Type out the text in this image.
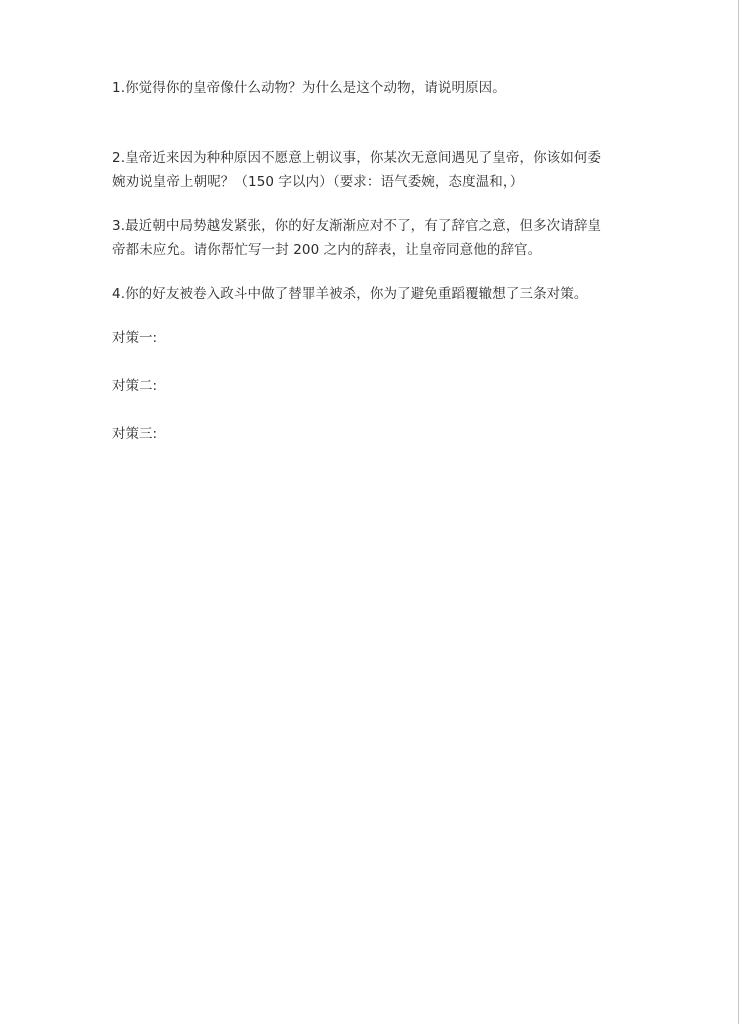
1.你觉得你的皇帝像什么动物？为什么是这个动物，请说明原因。

2.皇帝近来因为种种原因不愿意上朝议事，你某次无意间遇见了皇帝，你该如何委婉劝说皇帝上朝呢？（150 字以内）（要求：语气委婉，态度温和，）

3.最近朝中局势越发紧张，你的好友渐渐应对不了，有了辞官之意，但多次请辞皇帝都未应允。请你帮忙写一封 200 之内的辞表，让皇帝同意他的辞官。

4.你的好友被卷入政斗中做了替罪羊被杀，你为了避免重蹈覆辙想了三条对策。

对策一:

对策二:

对策三:
